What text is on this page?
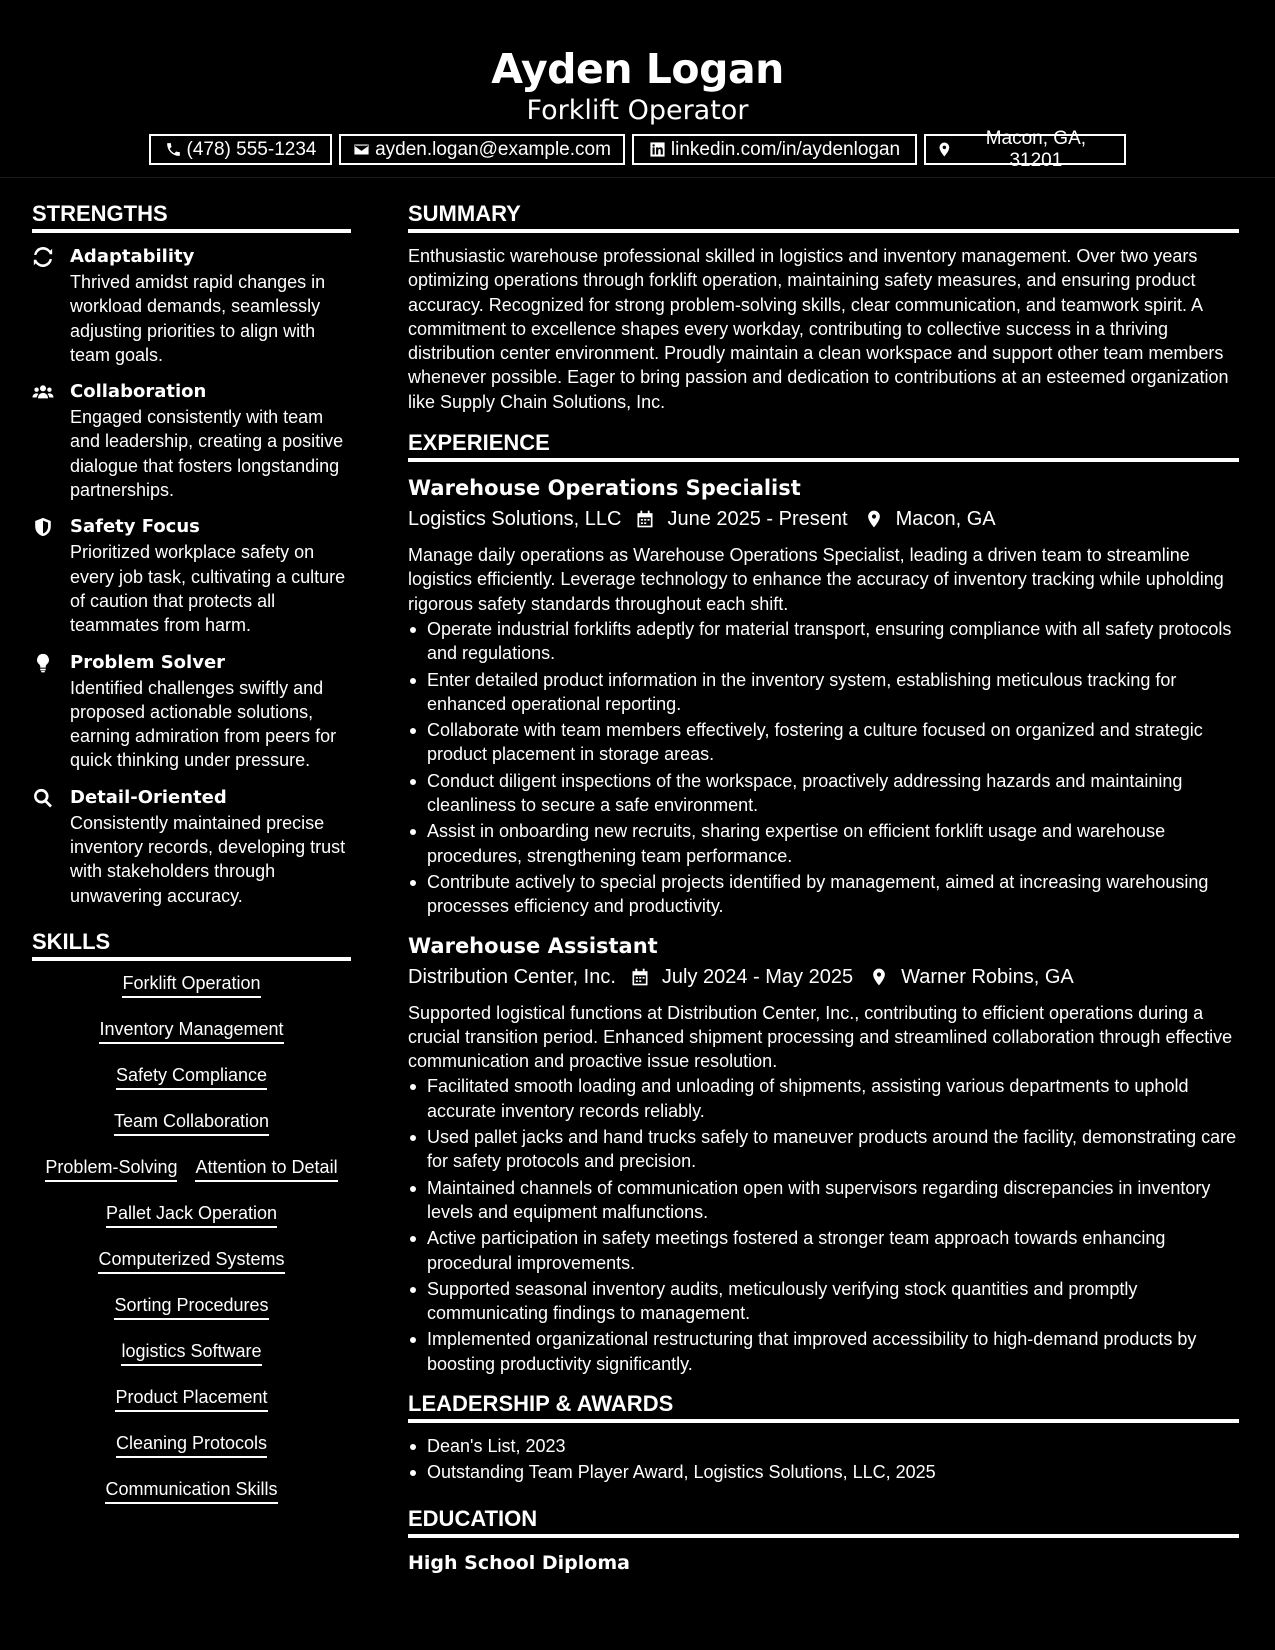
Ayden Logan
Forklift Operator
(478) 555-1234	ayden.logan@example.com	linkedin.com/in/aydenlogan
Macon, GA, 31201
STRENGTHS
Adaptability
Thrived amidst rapid changes in workload demands, seamlessly adjusting priorities to align with team goals.
Collaboration
Engaged consistently with team and leadership, creating a positive dialogue that fosters longstanding partnerships.
Safety Focus
Prioritized workplace safety on every job task, cultivating a culture of caution that protects all teammates from harm.
Problem Solver
Identified challenges swiftly and proposed actionable solutions, earning admiration from peers for quick thinking under pressure.
Detail-Oriented
Consistently maintained precise inventory records, developing trust with stakeholders through unwavering accuracy.
SKILLS
Forklift Operation
Inventory Management
Safety Compliance
Team Collaboration
Problem-Solving Attention to Detail
Pallet Jack Operation
Computerized Systems
Sorting Procedures
logistics Software
Product Placement
Cleaning Protocols
Communication Skills
SUMMARY
Enthusiastic warehouse professional skilled in logistics and inventory management. Over two years optimizing operations through forklift operation, maintaining safety measures, and ensuring product accuracy. Recognized for strong problem-solving skills, clear communication, and teamwork spirit. A commitment to excellence shapes every workday, contributing to collective success in a thriving distribution center environment. Proudly maintain a clean workspace and support other team members whenever possible. Eager to bring passion and dedication to contributions at an esteemed organization like Supply Chain Solutions, Inc.
EXPERIENCE
Warehouse Operations Specialist
Logistics Solutions, LLC June 2025 - Present Macon, GA
Manage daily operations as Warehouse Operations Specialist, leading a driven team to streamline logistics efficiently. Leverage technology to enhance the accuracy of inventory tracking while upholding rigorous safety standards throughout each shift.
Operate industrial forklifts adeptly for material transport, ensuring compliance with all safety protocols and regulations.
Enter detailed product information in the inventory system, establishing meticulous tracking for enhanced operational reporting.
Collaborate with team members effectively, fostering a culture focused on organized and strategic product placement in storage areas.
Conduct diligent inspections of the workspace, proactively addressing hazards and maintaining cleanliness to secure a safe environment.
Assist in onboarding new recruits, sharing expertise on efficient forklift usage and warehouse procedures, strengthening team performance.
Contribute actively to special projects identified by management, aimed at increasing warehousing processes efficiency and productivity.
Warehouse Assistant
Distribution Center, Inc. July 2024 - May 2025 Warner Robins, GA
Supported logistical functions at Distribution Center, Inc., contributing to efficient operations during a crucial transition period. Enhanced shipment processing and streamlined collaboration through effective communication and proactive issue resolution.
Facilitated smooth loading and unloading of shipments, assisting various departments to uphold accurate inventory records reliably.
Used pallet jacks and hand trucks safely to maneuver products around the facility, demonstrating care for safety protocols and precision.
Maintained channels of communication open with supervisors regarding discrepancies in inventory levels and equipment malfunctions.
Active participation in safety meetings fostered a stronger team approach towards enhancing procedural improvements.
Supported seasonal inventory audits, meticulously verifying stock quantities and promptly communicating findings to management.
Implemented organizational restructuring that improved accessibility to high-demand products by boosting productivity significantly.
LEADERSHIP & AWARDS
Dean's List, 2023
Outstanding Team Player Award, Logistics Solutions, LLC, 2025
EDUCATION
High School Diploma
